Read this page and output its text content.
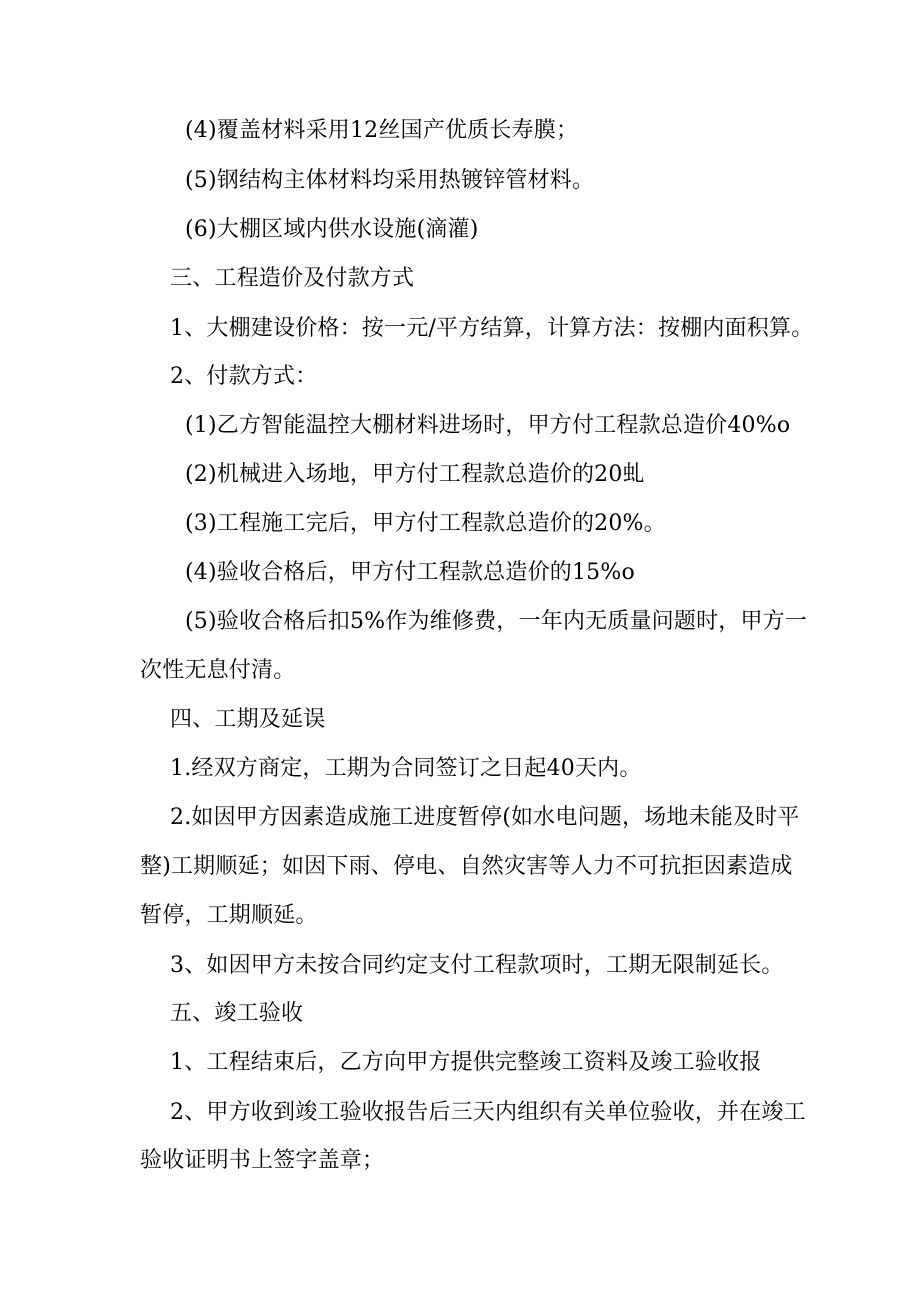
(4)覆盖材料采用12丝国产优质长寿膜；
(5)钢结构主体材料均采用热镀锌管材料。
(6)大棚区域内供水设施(滴灌)
三、工程造价及付款方式
1、大棚建设价格：按一元/平方结算，计算方法：按棚内面积算。
2、付款方式：
(1)乙方智能温控大棚材料进场时，甲方付工程款总造价40%o
(2)机械进入场地，甲方付工程款总造价的20虬
(3)工程施工完后，甲方付工程款总造价的20%。
(4)验收合格后，甲方付工程款总造价的15%o
(5)验收合格后扣5%作为维修费，一年内无质量问题时，甲方一
次性无息付清。
四、工期及延误
1.经双方商定，工期为合同签订之日起40天内。
2.如因甲方因素造成施工进度暂停(如水电问题，场地未能及时平
整)工期顺延；如因下雨、停电、自然灾害等人力不可抗拒因素造成
暂停，工期顺延。
3、如因甲方未按合同约定支付工程款项时，工期无限制延长。
五、竣工验收
1、工程结束后，乙方向甲方提供完整竣工资料及竣工验收报
2、甲方收到竣工验收报告后三天内组织有关单位验收，并在竣工
验收证明书上签字盖章；
